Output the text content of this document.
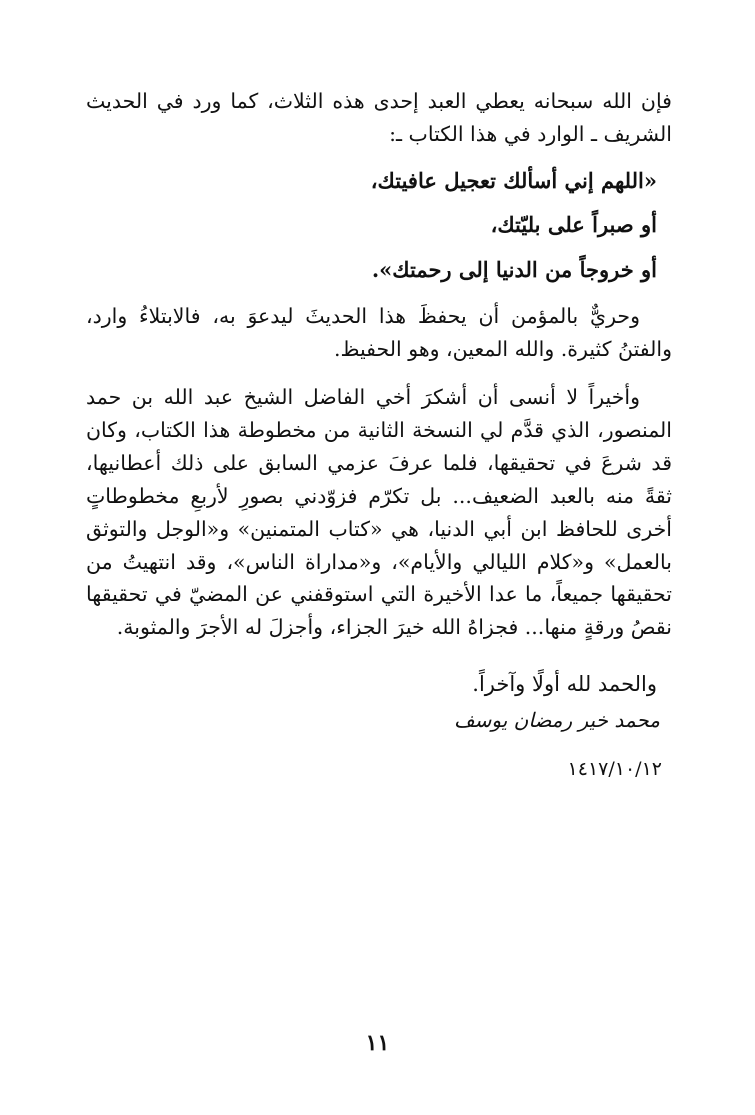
فإن الله سبحانه يعطي العبد إحدى هذه الثلاث، كما ورد في الحديث الشريف ـ الوارد في هذا الكتاب ـ:
«اللهم إني أسألك تعجيل عافيتك،
أو صبراً على بليّتك،
أو خروجاً من الدنيا إلى رحمتك».
وحريٌّ بالمؤمن أن يحفظَ هذا الحديثَ ليدعوَ به، فالابتلاءُ وارد، والفتنُ كثيرة. والله المعين، وهو الحفيظ.
وأخيراً لا أنسى أن أشكرَ أخي الفاضل الشيخ عبد الله بن حمد المنصور، الذي قدَّم لي النسخة الثانية من مخطوطة هذا الكتاب، وكان قد شرعَ في تحقيقها، فلما عرفَ عزمي السابق على ذلك أعطانيها، ثقةً منه بالعبد الضعيف... بل تكرّم فزوّدني بصورِ لأربعِ مخطوطاتٍ أخرى للحافظ ابن أبي الدنيا، هي «كتاب المتمنين» و«الوجل والتوثق بالعمل» و«كلام الليالي والأيام»، و«مداراة الناس»، وقد انتهيتُ من تحقيقها جميعاً، ما عدا الأخيرة التي استوقفني عن المضيّ في تحقيقها نقصُ ورقةٍ منها... فجزاهُ الله خيرَ الجزاء، وأجزلَ له الأجرَ والمثوبة.
والحمد لله أولًا وآخراً.
محمد خير رمضان يوسف
١٤١٧/١٠/١٢
١١
